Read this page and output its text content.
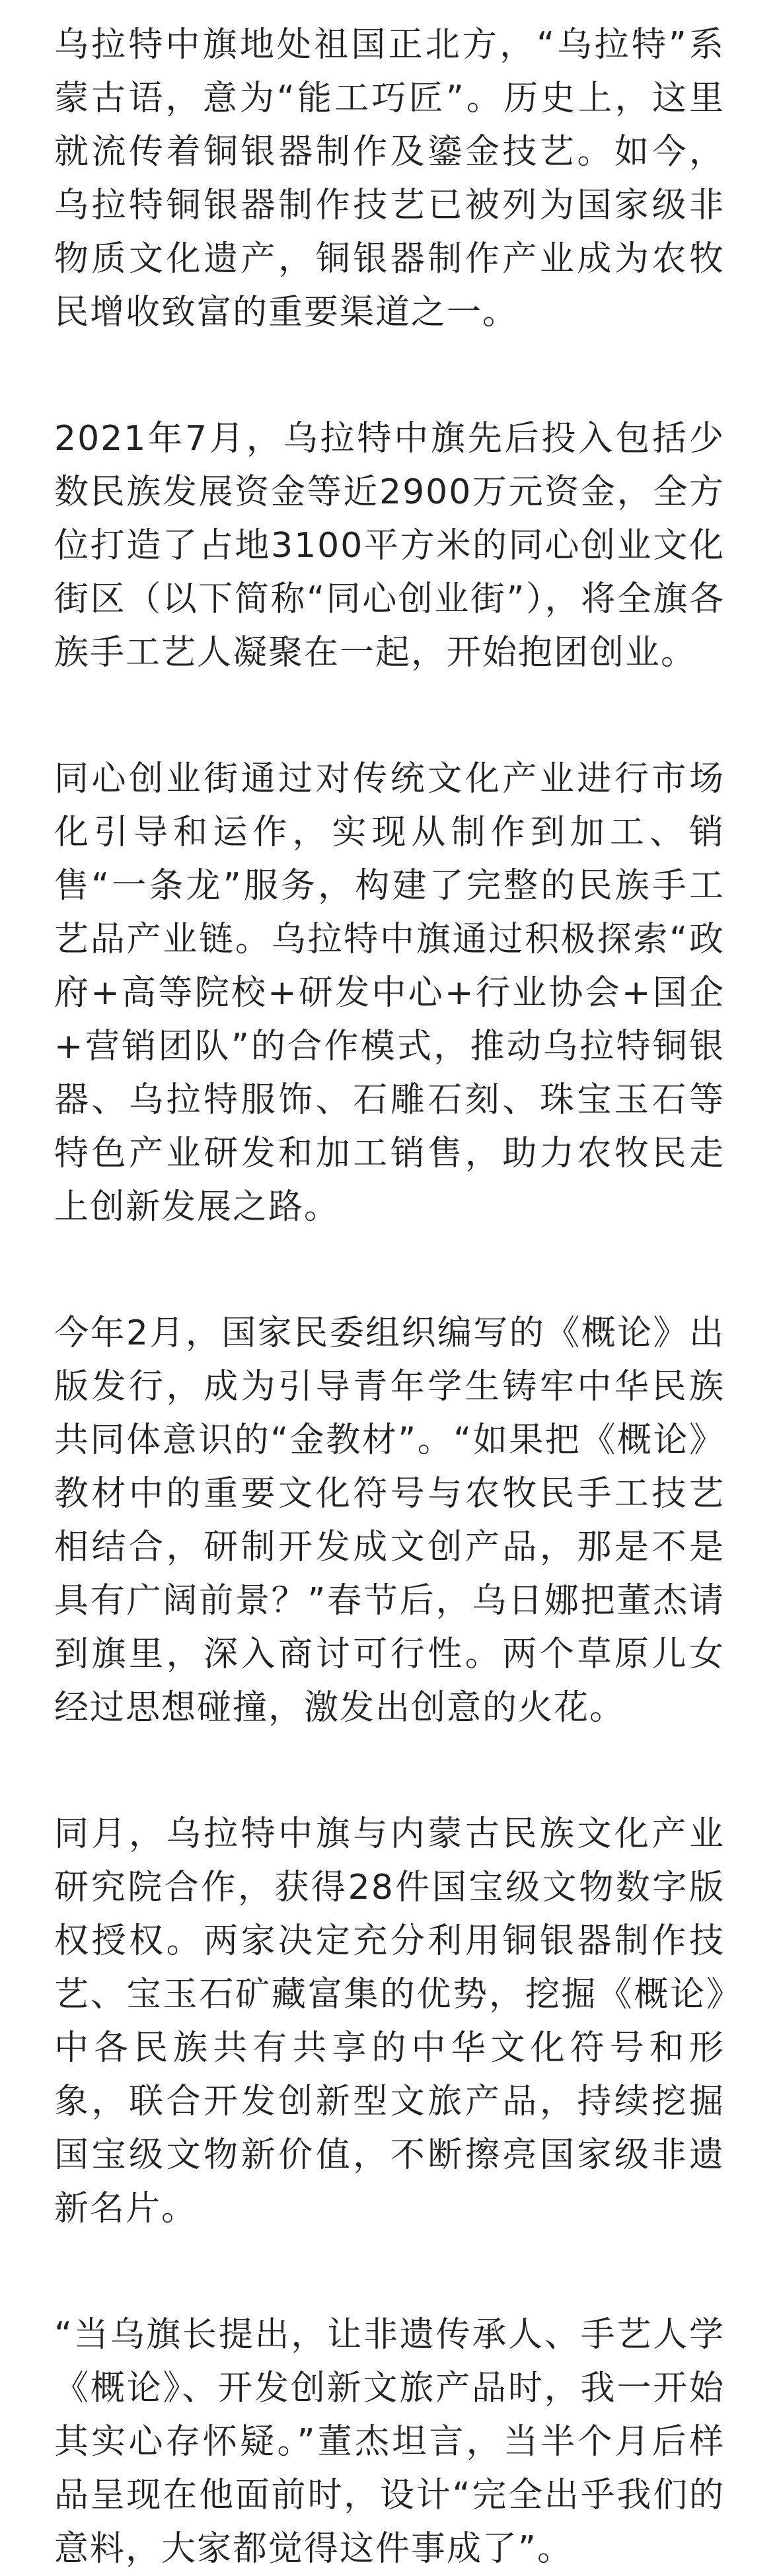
乌拉特中旗地处祖国正北方，“乌拉特”系蒙古语，意为“能工巧匠”。历史上，这里就流传着铜银器制作及鎏金技艺。如今，乌拉特铜银器制作技艺已被列为国家级非物质文化遗产，铜银器制作产业成为农牧民增收致富的重要渠道之一。

2021年7月，乌拉特中旗先后投入包括少数民族发展资金等近2900万元资金，全方位打造了占地3100平方米的同心创业文化街区（以下简称“同心创业街”），将全旗各族手工艺人凝聚在一起，开始抱团创业。

同心创业街通过对传统文化产业进行市场化引导和运作，实现从制作到加工、销售“一条龙”服务，构建了完整的民族手工艺品产业链。乌拉特中旗通过积极探索“政府+高等院校+研发中心+行业协会+国企+营销团队”的合作模式，推动乌拉特铜银器、乌拉特服饰、石雕石刻、珠宝玉石等特色产业研发和加工销售，助力农牧民走上创新发展之路。

今年2月，国家民委组织编写的《概论》出版发行，成为引导青年学生铸牢中华民族共同体意识的“金教材”。“如果把《概论》教材中的重要文化符号与农牧民手工技艺相结合，研制开发成文创产品，那是不是具有广阔前景？”春节后，乌日娜把董杰请到旗里，深入商讨可行性。两个草原儿女经过思想碰撞，激发出创意的火花。

同月，乌拉特中旗与内蒙古民族文化产业研究院合作，获得28件国宝级文物数字版权授权。两家决定充分利用铜银器制作技艺、宝玉石矿藏富集的优势，挖掘《概论》中各民族共有共享的中华文化符号和形象，联合开发创新型文旅产品，持续挖掘国宝级文物新价值，不断擦亮国家级非遗新名片。

“当乌旗长提出，让非遗传承人、手艺人学《概论》、开发创新文旅产品时，我一开始其实心存怀疑。”董杰坦言，当半个月后样品呈现在他面前时，设计“完全出乎我们的意料，大家都觉得这件事成了”。
